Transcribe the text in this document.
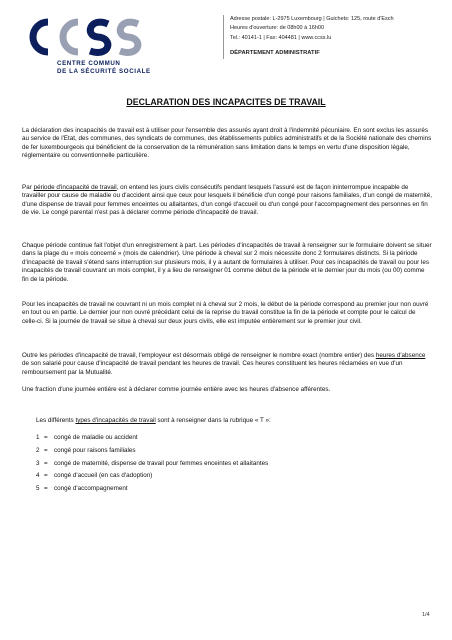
CENTRE COMMUN
DE LA SÉCURITÉ SOCIALE
Adresse postale: L-2975 Luxembourg | Guichets: 125, route d'Esch
Heures d'ouverture: de 08h00 à 16h00
Tel.: 40141-1 | Fax: 404481 | www.ccss.lu
DÉPARTEMENT ADMINISTRATIF
DECLARATION DES INCAPACITES DE TRAVAIL

La déclaration des incapacités de travail est à utiliser pour l'ensemble des assurés ayant droit à l'indemnité pécuniaire. En sont exclus les assurés au service de l'Etat, des communes, des syndicats de communes, des établissements publics administratifs et de la Société nationale des chemins de fer luxembourgeois qui bénéficient de la conservation de la rémunération sans limitation dans le temps en vertu d'une disposition légale, réglementaire ou conventionnelle particulière.

Par période d'incapacité de travail, on entend les jours civils consécutifs pendant lesquels l'assuré est de façon ininterrompue incapable de travailler pour cause de maladie ou d'accident ainsi que ceux pour lesquels il bénéficie d'un congé pour raisons familiales, d'un congé de maternité, d'une dispense de travail pour femmes enceintes ou allaitantes, d'un congé d'accueil ou d'un congé pour l'accompagnement des personnes en fin de vie. Le congé parental n'est pas à déclarer comme période d'incapacité de travail.

Chaque période continue fait l'objet d'un enregistrement à part. Les périodes d'incapacités de travail à renseigner sur le formulaire doivent se situer dans la plage du « mois concerné » (mois de calendrier). Une période à cheval sur 2 mois nécessite donc 2 formulaires distincts. Si la période d'incapacité de travail s'étend sans interruption sur plusieurs mois, il y a autant de formulaires à utiliser. Pour ces incapacités de travail ou pour les incapacités de travail couvrant un mois complet, il y a lieu de renseigner 01 comme début de la période et le dernier jour du mois (ou 00) comme fin de la période.

Pour les incapacités de travail ne couvrant ni un mois complet ni à cheval sur 2 mois, le début de la période correspond au premier jour non ouvré en tout ou en partie. Le dernier jour non ouvré précédant celui de la reprise du travail constitue la fin de la période et compte pour le calcul de celle-ci. Si la journée de travail se situe à cheval sur deux jours civils, elle est imputée entièrement sur le premier jour civil.

Outre les périodes d'incapacité de travail, l'employeur est désormais obligé de renseigner le nombre exact (nombre entier) des heures d'absence de son salarié pour cause d'incapacité de travail pendant les heures de travail. Ces heures constituent les heures réclamées en vue d'un remboursement par la Mutualité.

Une fraction d'une journée entière est à déclarer comme journée entière avec les heures d'absence afférentes.

Les différents types d'incapacités de travail sont à renseigner dans la rubrique « T »:
1 = congé de maladie ou accident
2 = congé pour raisons familiales
3 = congé de maternité, dispense de travail pour femmes enceintes et allaitantes
4 = congé d'accueil (en cas d'adoption)
5 = congé d'accompagnement
1/4
